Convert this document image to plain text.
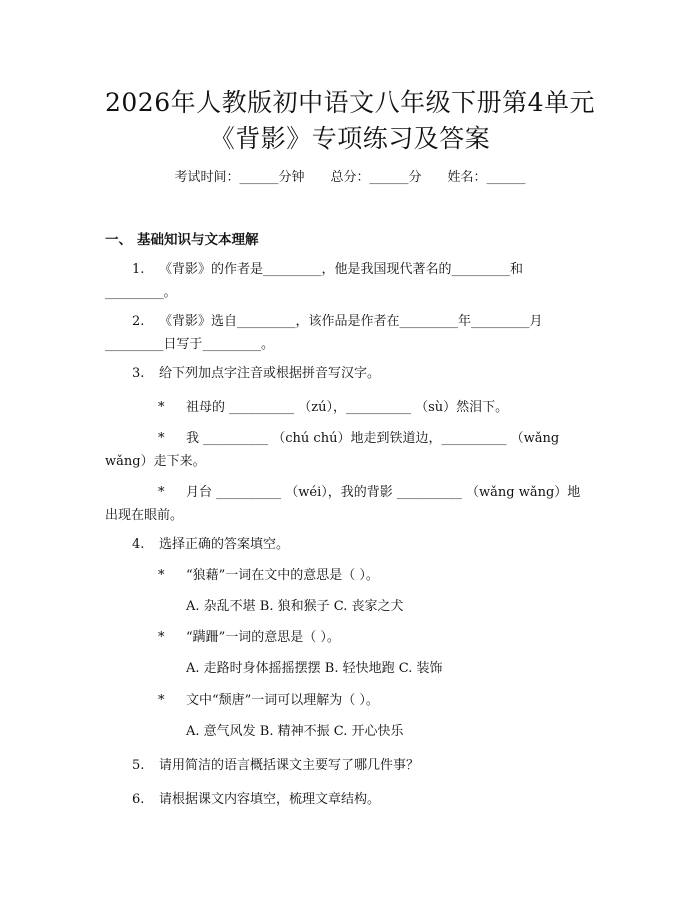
2026年人教版初中语文八年级下册第4单元
《背影》专项练习及答案
考试时间：______分钟 总分：______分 姓名：______
一、 基础知识与文本理解
1. 《背影》的作者是_________，他是我国现代著名的_________和
_________。
2. 《背影》选自_________，该作品是作者在_________年_________月
_________日写于_________。
3. 给下列加点字注音或根据拼音写汉字。
* 祖母的 __________ （zú），__________ （sù）然泪下。
* 我 __________ （chú chú）地走到铁道边，__________ （wǎng
wǎng）走下来。
* 月台 __________ （wéi），我的背影 __________ （wǎng wǎng）地
出现在眼前。
4. 选择正确的答案填空。
* “狼藉”一词在文中的意思是（ ）。
A. 杂乱不堪 B. 狼和猴子 C. 丧家之犬
* “蹒跚”一词的意思是（ ）。
A. 走路时身体摇摇摆摆 B. 轻快地跑 C. 装饰
* 文中“颓唐”一词可以理解为（ ）。
A. 意气风发 B. 精神不振 C. 开心快乐
5. 请用简洁的语言概括课文主要写了哪几件事？
6. 请根据课文内容填空，梳理文章结构。
